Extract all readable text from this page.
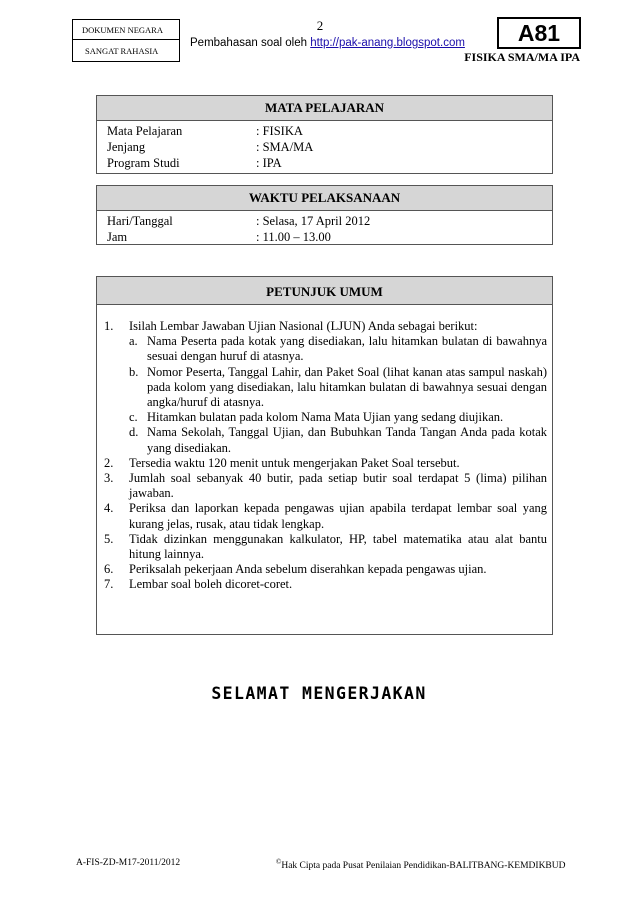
DOKUMEN NEGARA
SANGAT RAHASIA
2
Pembahasan soal oleh http://pak-anang.blogspot.com	A81
FISIKA SMA/MA IPA
MATA PELAJARAN
Mata Pelajaran	: FISIKA
Jenjang	: SMA/MA
Program Studi	: IPA
WAKTU PELAKSANAAN
Hari/Tanggal	: Selasa, 17 April 2012
Jam	: 11.00 – 13.00
PETUNJUK UMUM
1. Isilah Lembar Jawaban Ujian Nasional (LJUN) Anda sebagai berikut:
a. Nama Peserta pada kotak yang disediakan, lalu hitamkan bulatan di bawahnya sesuai dengan huruf di atasnya.
b. Nomor Peserta, Tanggal Lahir, dan Paket Soal (lihat kanan atas sampul naskah) pada kolom yang disediakan, lalu hitamkan bulatan di bawahnya sesuai dengan angka/huruf di atasnya.
c. Hitamkan bulatan pada kolom Nama Mata Ujian yang sedang diujikan.
d. Nama Sekolah, Tanggal Ujian, dan Bubuhkan Tanda Tangan Anda pada kotak yang disediakan.
2. Tersedia waktu 120 menit untuk mengerjakan Paket Soal tersebut.
3. Jumlah soal sebanyak 40 butir, pada setiap butir soal terdapat 5 (lima) pilihan jawaban.
4. Periksa dan laporkan kepada pengawas ujian apabila terdapat lembar soal yang kurang jelas, rusak, atau tidak lengkap.
5. Tidak dizinkan menggunakan kalkulator, HP, tabel matematika atau alat bantu hitung lainnya.
6. Periksalah pekerjaan Anda sebelum diserahkan kepada pengawas ujian.
7. Lembar soal boleh dicoret-coret.
SELAMAT MENGERJAKAN
A-FIS-ZD-M17-2011/2012	©Hak Cipta pada Pusat Penilaian Pendidikan-BALITBANG-KEMDIKBUD
